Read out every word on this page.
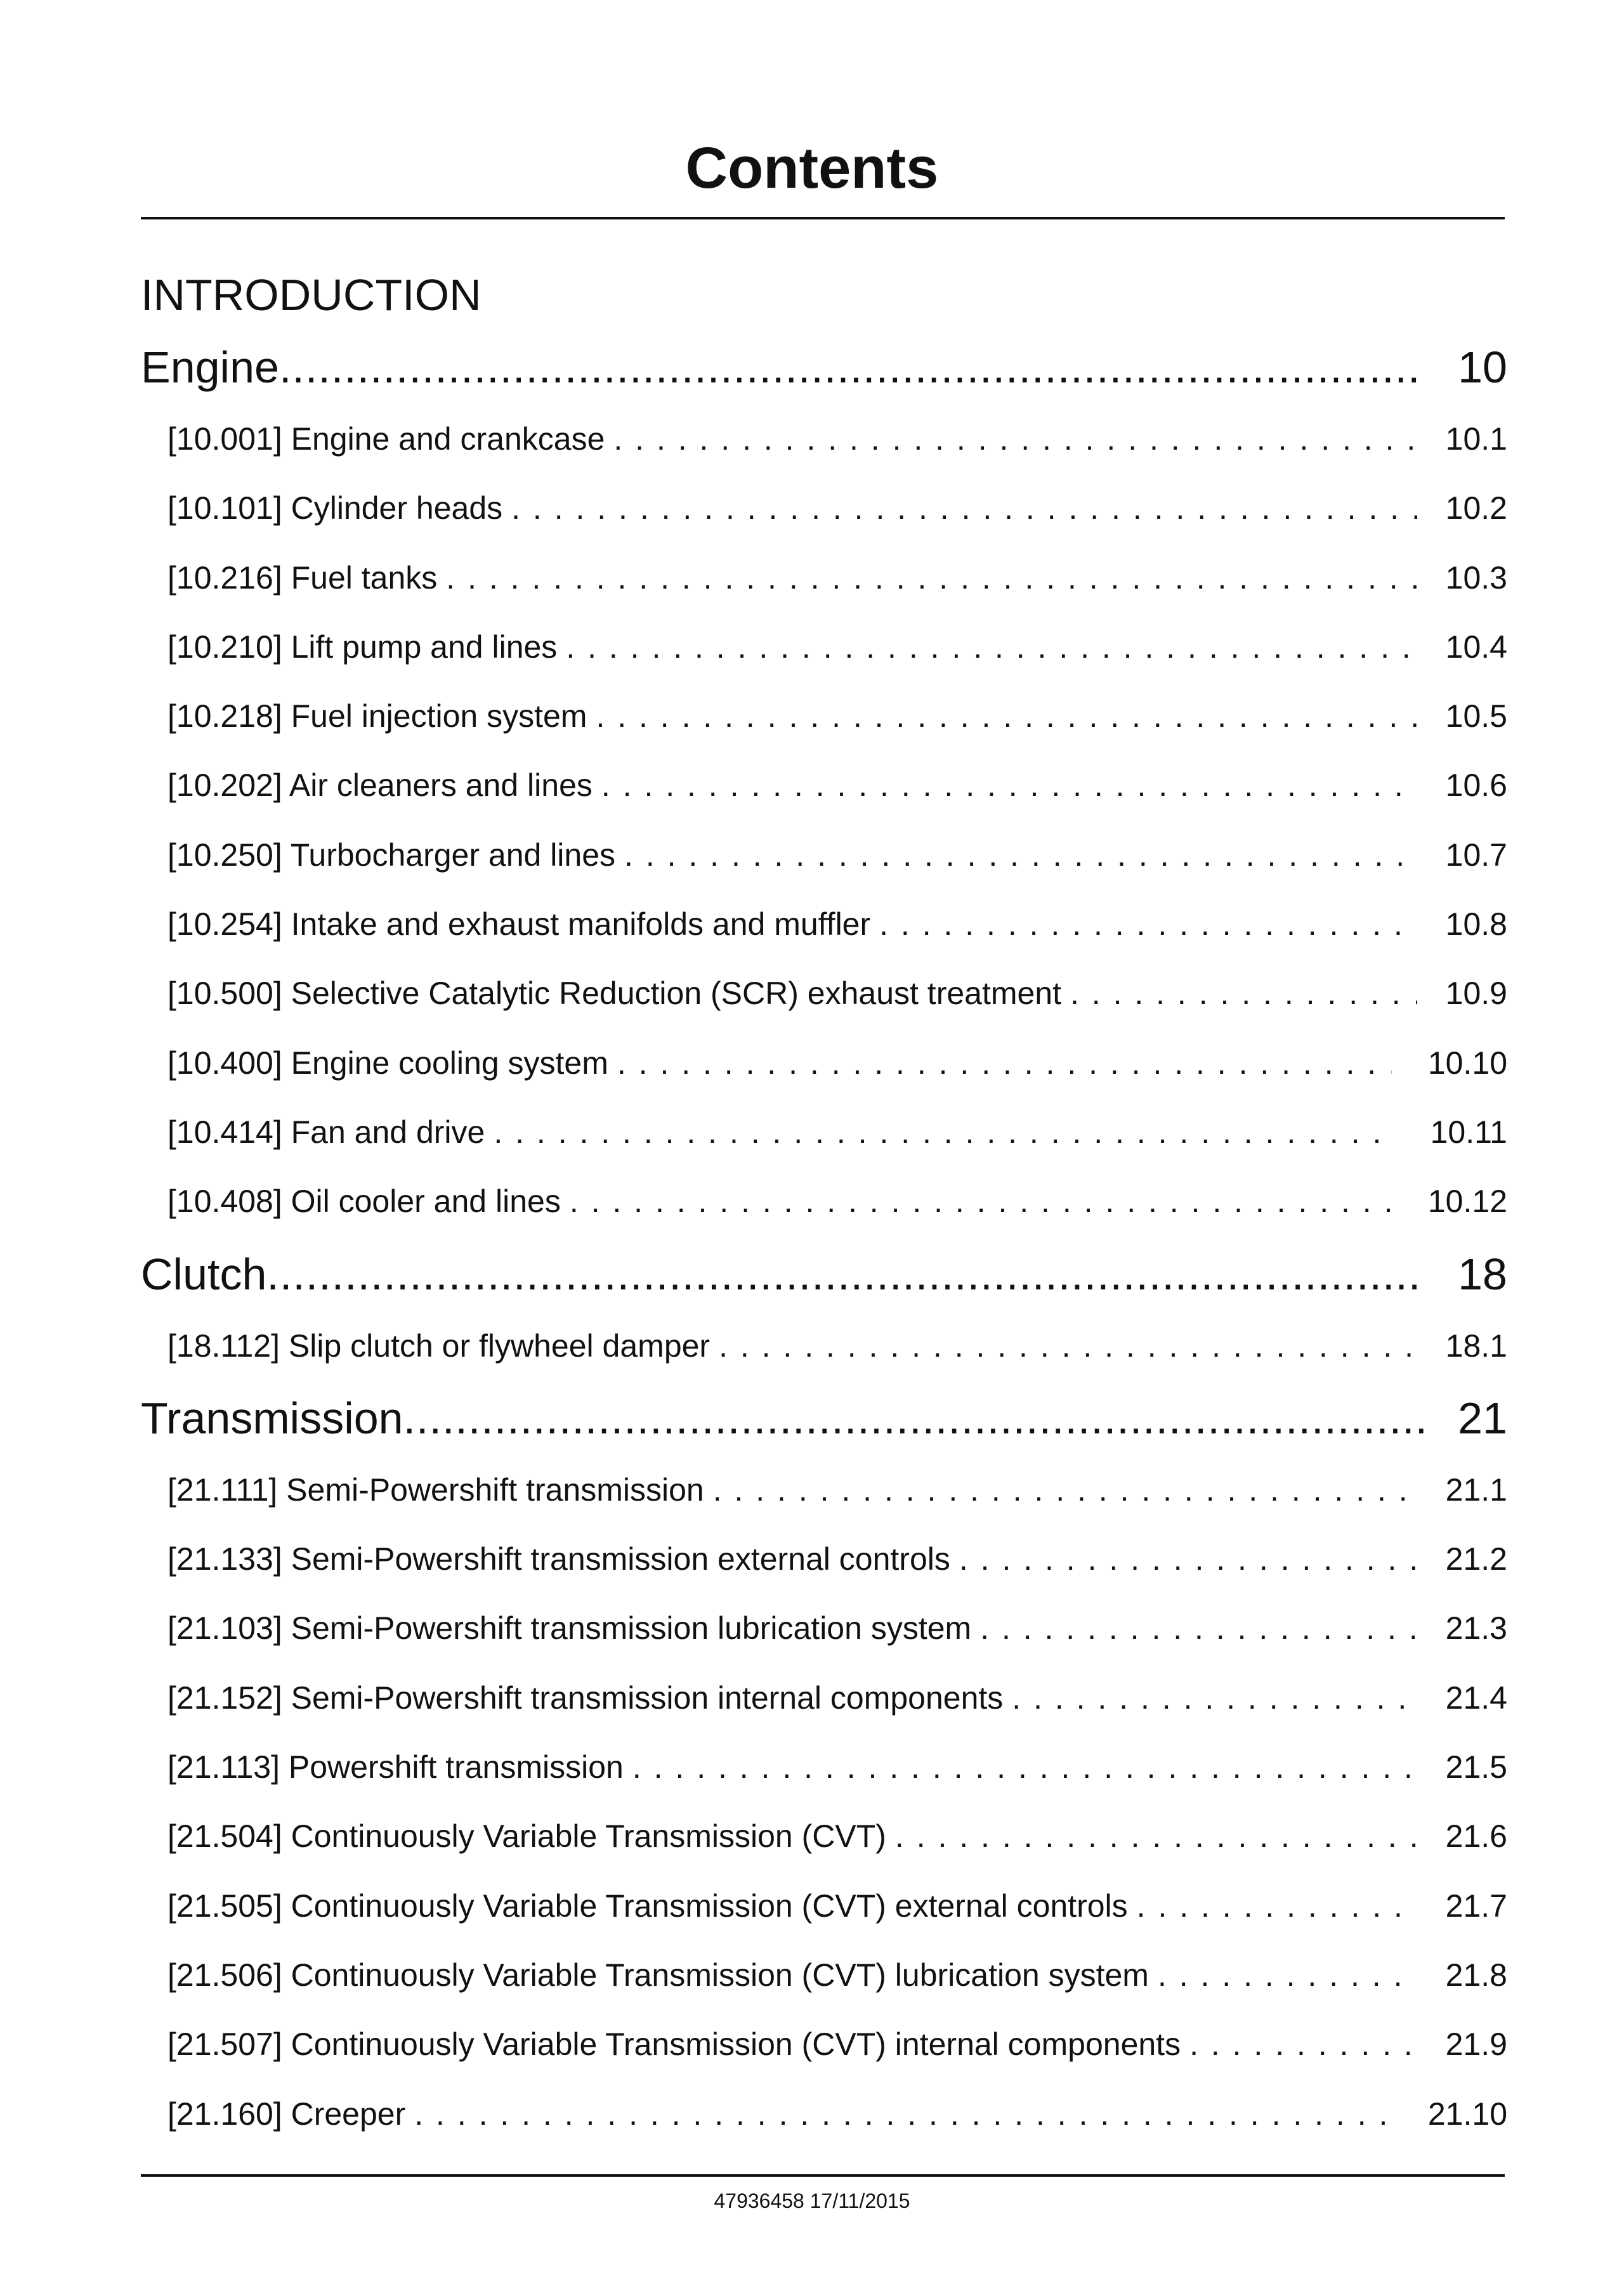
Contents
INTRODUCTION
Engine .....	10
[10.001] Engine and crankcase . . .	10.1
[10.101] Cylinder heads . . .	10.2
[10.216] Fuel tanks . . .	10.3
[10.210] Lift pump and lines . . .	10.4
[10.218] Fuel injection system . . .	10.5
[10.202] Air cleaners and lines . . .	10.6
[10.250] Turbocharger and lines . . .	10.7
[10.254] Intake and exhaust manifolds and muffler . . .	10.8
[10.500] Selective Catalytic Reduction (SCR) exhaust treatment . . .	10.9
[10.400] Engine cooling system . . .	10.10
[10.414] Fan and drive . . .	10.11
[10.408] Oil cooler and lines . . .	10.12
Clutch .....	18
[18.112] Slip clutch or flywheel damper . . .	18.1
Transmission .....	21
[21.111] Semi-Powershift transmission . . .	21.1
[21.133] Semi-Powershift transmission external controls . . .	21.2
[21.103] Semi-Powershift transmission lubrication system . . .	21.3
[21.152] Semi-Powershift transmission internal components . . .	21.4
[21.113] Powershift transmission . . .	21.5
[21.504] Continuously Variable Transmission (CVT) . . .	21.6
[21.505] Continuously Variable Transmission (CVT) external controls . . .	21.7
[21.506] Continuously Variable Transmission (CVT) lubrication system . . .	21.8
[21.507] Continuously Variable Transmission (CVT) internal components . . .	21.9
[21.160] Creeper . . .	21.10
47936458 17/11/2015
